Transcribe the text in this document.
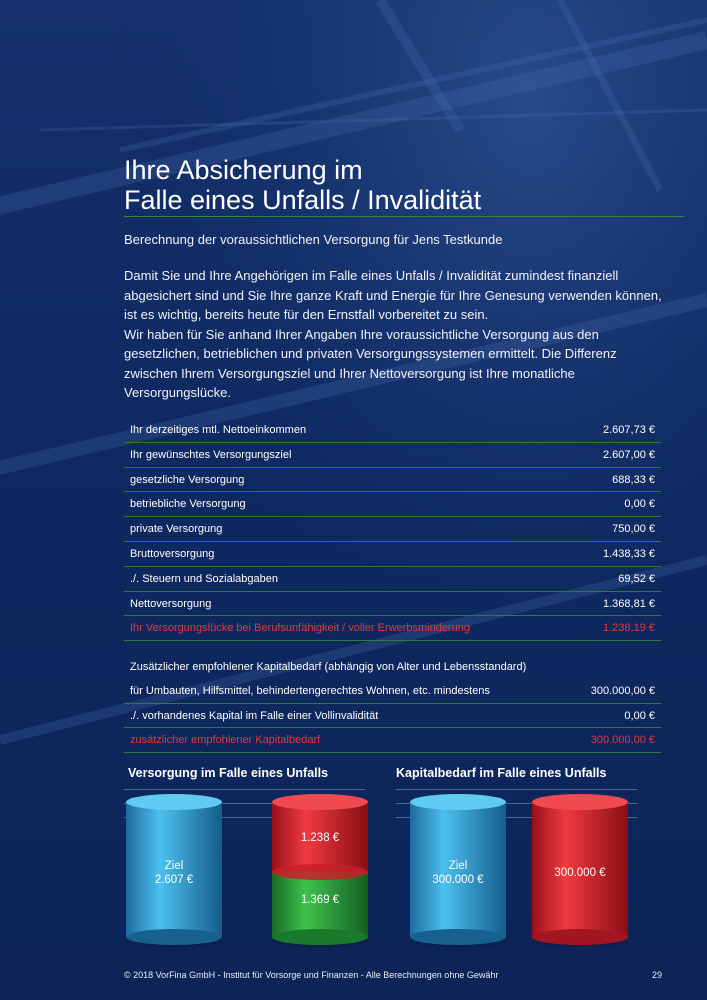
Ihre Absicherung im
Falle eines Unfalls / Invalidität
Berechnung der voraussichtlichen Versorgung für Jens Testkunde

Damit Sie und Ihre Angehörigen im Falle eines Unfalls / Invalidität zumindest finanziell abgesichert sind und Sie Ihre ganze Kraft und Energie für Ihre Genesung verwenden können, ist es wichtig, bereits heute für den Ernstfall vorbereitet zu sein.

Wir haben für Sie anhand Ihrer Angaben Ihre voraussichtliche Versorgung aus den gesetzlichen, betrieblichen und privaten Versorgungssystemen ermittelt. Die Differenz zwischen Ihrem Versorgungsziel und Ihrer Nettoversorgung ist Ihre monatliche Versorgungslücke.

Ihr derzeitiges mtl. Nettoeinkommen	2.607,73 €
Ihr gewünschtes Versorgungsziel	2.607,00 €
gesetzliche Versorgung	688,33 €
betriebliche Versorgung	0,00 €
private Versorgung	750,00 €
Bruttoversorgung	1.438,33 €
./. Steuern und Sozialabgaben	69,52 €
Nettoversorgung	1.368,81 €
Ihr Versorgungslücke bei Berufsunfähigkeit / voller Erwerbsminderung	1.238,19 €
Zusätzlicher empfohlener Kapitalbedarf (abhängig von Alter und Lebensstandard)
für Umbauten, Hilfsmittel, behindertengerechtes Wohnen, etc. mindestens	300.000,00 €
./. vorhandenes Kapital im Falle einer Vollinvalidität	0,00 €
zusätzlicher empfohlener Kapitalbedarf	300.000,00 €
Versorgung im Falle eines Unfalls	Kapitalbedarf im Falle eines Unfalls
Ziel
2.607 €
1.238 €
1.369 €
Ziel
300.000 €
300.000 €
© 2018 VorFina GmbH - Institut für Vorsorge und Finanzen - Alle Berechnungen ohne Gewähr	29
